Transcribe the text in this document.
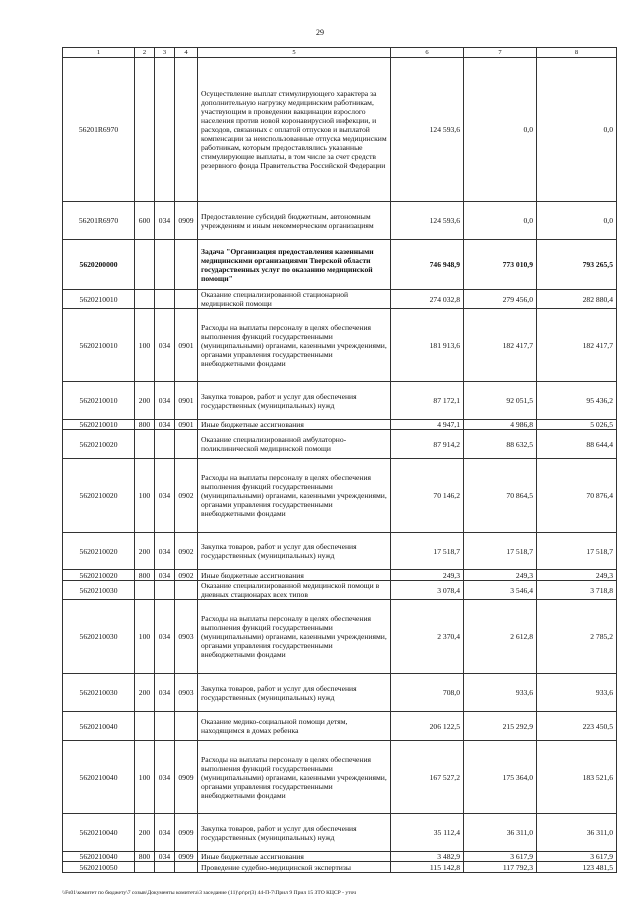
29
1	2	3	4	5	6	7	8
56201R6970				Осуществление выплат стимулирующего характера за дополнительную нагрузку медицинским работникам, участвующим в проведении вакцинации взрослого населения против новой коронавирусной инфекции, и расходов, связанных с оплатой отпусков и выплатой компенсации за неиспользованные отпуска медицинским работникам, которым предоставлялись указанные стимулирующие выплаты, в том числе за счет средств резервного фонда Правительства Российской Федерации	124 593,6	0,0	0,0
56201R6970	600	034	0909	Предоставление субсидий бюджетным, автономным учреждениям и иным некоммерческим организациям	124 593,6	0,0	0,0
5620200000				Задача "Организация предоставления казенными медицинскими организациями Тверской области государственных услуг по оказанию медицинской помощи"	746 948,9	773 010,9	793 265,5
5620210010				Оказание специализированной стационарной медицинской помощи	274 032,8	279 456,0	282 880,4
5620210010	100	034	0901	Расходы на выплаты персоналу в целях обеспечения выполнения функций государственными (муниципальными) органами, казенными учреждениями, органами управления государственными внебюджетными фондами	181 913,6	182 417,7	182 417,7
5620210010	200	034	0901	Закупка товаров, работ и услуг для обеспечения государственных (муниципальных) нужд	87 172,1	92 051,5	95 436,2
5620210010	800	034	0901	Иные бюджетные ассигнования	4 947,1	4 986,8	5 026,5
5620210020				Оказание специализированной амбулаторно-поликлинической медицинской помощи	87 914,2	88 632,5	88 644,4
5620210020	100	034	0902	Расходы на выплаты персоналу в целях обеспечения выполнения функций государственными (муниципальными) органами, казенными учреждениями, органами управления государственными внебюджетными фондами	70 146,2	70 864,5	70 876,4
5620210020	200	034	0902	Закупка товаров, работ и услуг для обеспечения государственных (муниципальных) нужд	17 518,7	17 518,7	17 518,7
5620210020	800	034	0902	Иные бюджетные ассигнования	249,3	249,3	249,3
5620210030				Оказание специализированной медицинской помощи в дневных стационарах всех типов	3 078,4	3 546,4	3 718,8
5620210030	100	034	0903	Расходы на выплаты персоналу в целях обеспечения выполнения функций государственными (муниципальными) органами, казенными учреждениями, органами управления государственными внебюджетными фондами	2 370,4	2 612,8	2 785,2
5620210030	200	034	0903	Закупка товаров, работ и услуг для обеспечения государственных (муниципальных) нужд	708,0	933,6	933,6
5620210040				Оказание медико-социальной помощи детям, находящимся в домах ребенка	206 122,5	215 292,9	223 450,5
5620210040	100	034	0909	Расходы на выплаты персоналу в целях обеспечения выполнения функций государственными (муниципальными) органами, казенными учреждениями, органами управления государственными внебюджетными фондами	167 527,2	175 364,0	183 521,6
5620210040	200	034	0909	Закупка товаров, работ и услуг для обеспечения государственных (муниципальных) нужд	35 112,4	36 311,0	36 311,0
5620210040	800	034	0909	Иные бюджетные ассигнования	3 482,9	3 617,9	3 617,9
5620210050				Проведение судебно-медицинской экспертизы	115 142,8	117 792,3	123 481,5
\\Fs01\комитет по бюджету\7 созыв\Документы комитета\3 заседание (11)\pr\pr(3) 44-П-7\Прил 9 Прил 15 ЗТО КЦСР - уточ
